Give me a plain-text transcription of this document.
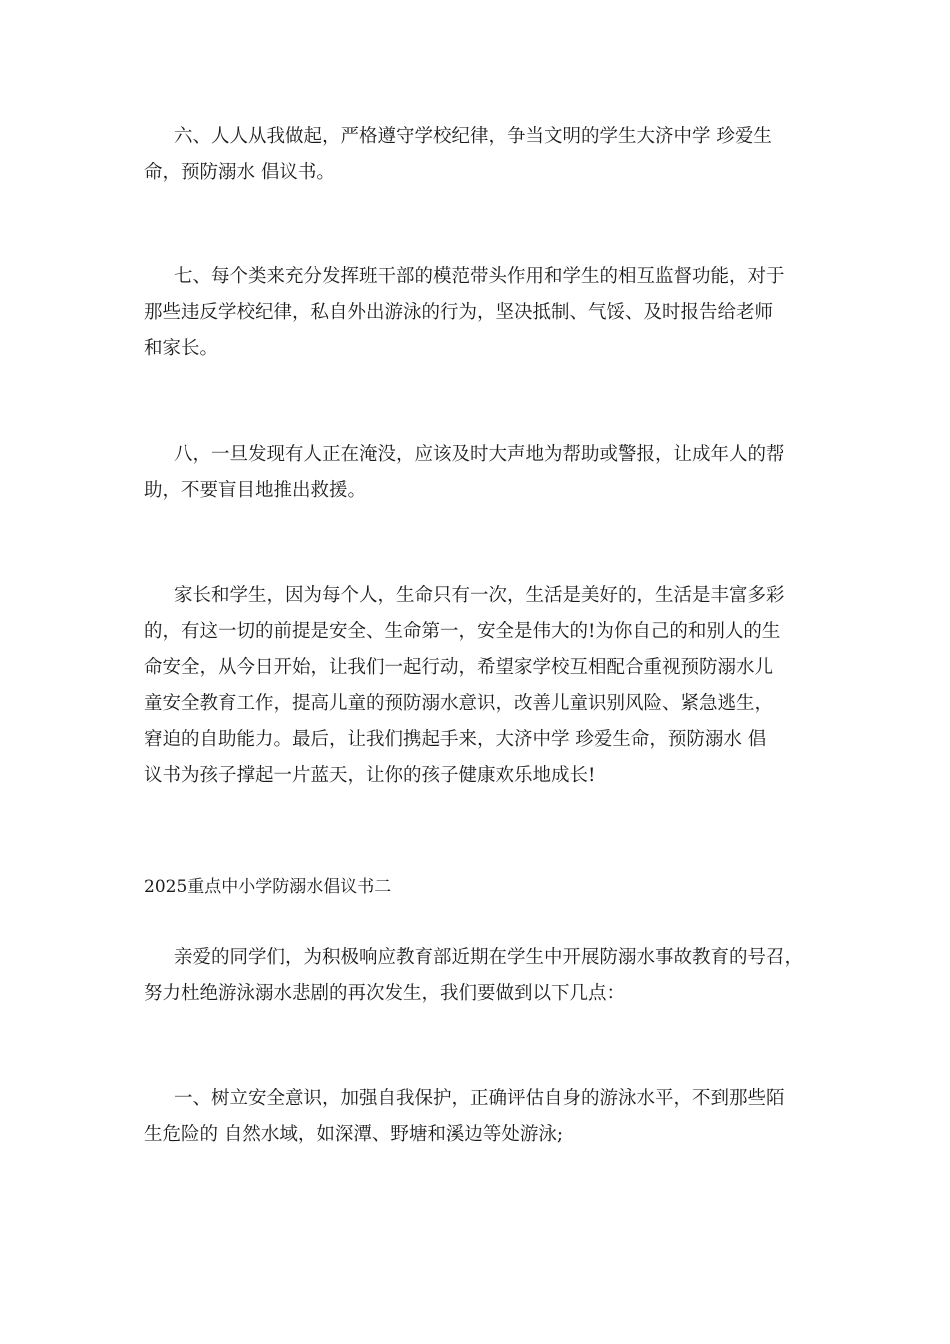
六、人人从我做起，严格遵守学校纪律，争当文明的学生大济中学 珍爱生
命，预防溺水 倡议书。
七、每个类来充分发挥班干部的模范带头作用和学生的相互监督功能，对于
那些违反学校纪律，私自外出游泳的行为，坚决抵制、气馁、及时报告给老师
和家长。
八，一旦发现有人正在淹没，应该及时大声地为帮助或警报，让成年人的帮
助，不要盲目地推出救援。
家长和学生，因为每个人，生命只有一次，生活是美好的，生活是丰富多彩
的，有这一切的前提是安全、生命第一，安全是伟大的!为你自己的和别人的生
命安全，从今日开始，让我们一起行动，希望家学校互相配合重视预防溺水儿
童安全教育工作，提高儿童的预防溺水意识，改善儿童识别风险、紧急逃生，
窘迫的自助能力。最后，让我们携起手来，大济中学 珍爱生命，预防溺水 倡
议书为孩子撑起一片蓝天，让你的孩子健康欢乐地成长!
2025重点中小学防溺水倡议书二
亲爱的同学们，为积极响应教育部近期在学生中开展防溺水事故教育的号召，
努力杜绝游泳溺水悲剧的再次发生，我们要做到以下几点：
一、树立安全意识，加强自我保护，正确评估自身的游泳水平，不到那些陌
生危险的 自然水域，如深潭、野塘和溪边等处游泳;
